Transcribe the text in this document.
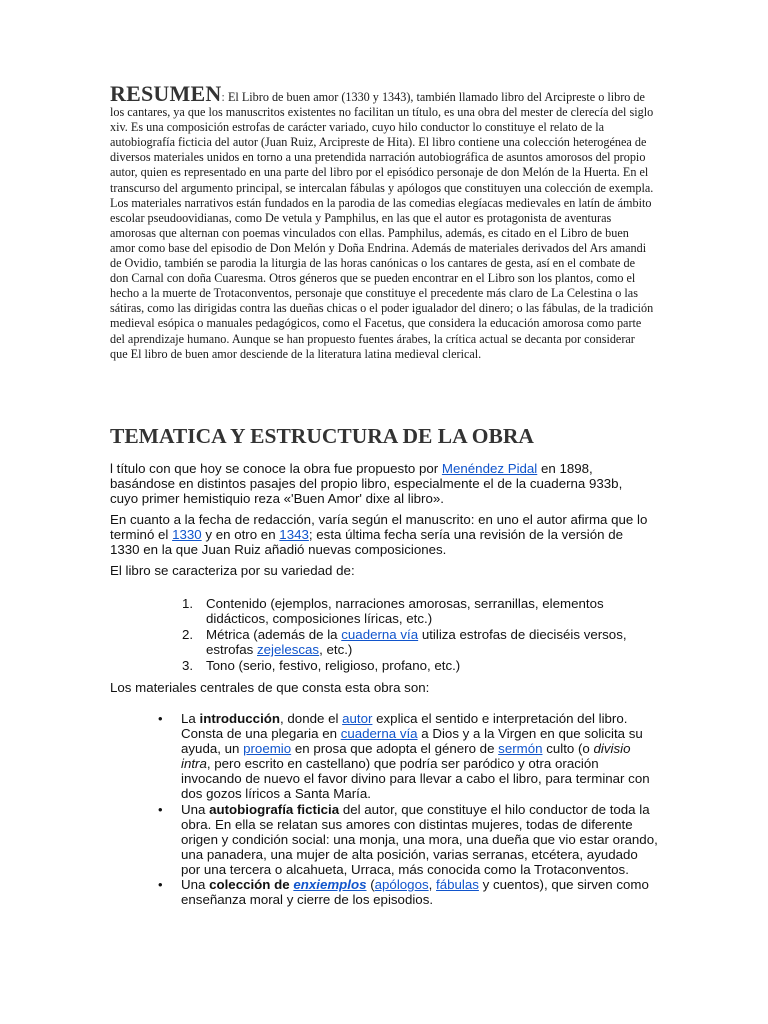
RESUMEN: El Libro de buen amor (1330 y 1343), también llamado libro del Arcipreste o libro de los cantares, ya que los manuscritos existentes no facilitan un título, es una obra del mester de clerecía del siglo xiv. Es una composición estrofas de carácter variado, cuyo hilo conductor lo constituye el relato de la autobiografía ficticia del autor (Juan Ruiz, Arcipreste de Hita). El libro contiene una colección heterogénea de diversos materiales unidos en torno a una pretendida narración autobiográfica de asuntos amorosos del propio autor, quien es representado en una parte del libro por el episódico personaje de don Melón de la Huerta. En el transcurso del argumento principal, se intercalan fábulas y apólogos que constituyen una colección de exempla. Los materiales narrativos están fundados en la parodia de las comedias elegíacas medievales en latín de ámbito escolar pseudoovidianas, como De vetula y Pamphilus, en las que el autor es protagonista de aventuras amorosas que alternan con poemas vinculados con ellas. Pamphilus, además, es citado en el Libro de buen amor como base del episodio de Don Melón y Doña Endrina. Además de materiales derivados del Ars amandi de Ovidio, también se parodia la liturgia de las horas canónicas o los cantares de gesta, así en el combate de don Carnal con doña Cuaresma. Otros géneros que se pueden encontrar en el Libro son los plantos, como el hecho a la muerte de Trotaconventos, personaje que constituye el precedente más claro de La Celestina o las sátiras, como las dirigidas contra las dueñas chicas o el poder igualador del dinero; o las fábulas, de la tradición medieval esópica o manuales pedagógicos, como el Facetus, que considera la educación amorosa como parte del aprendizaje humano. Aunque se han propuesto fuentes árabes, la crítica actual se decanta por considerar que El libro de buen amor desciende de la literatura latina medieval clerical.

TEMATICA Y ESTRUCTURA DE LA OBRA

l título con que hoy se conoce la obra fue propuesto por Menéndez Pidal en 1898, basándose en distintos pasajes del propio libro, especialmente el de la cuaderna 933b, cuyo primer hemistiquio reza «'Buen Amor' dixe al libro».

En cuanto a la fecha de redacción, varía según el manuscrito: en uno el autor afirma que lo terminó el 1330 y en otro en 1343; esta última fecha sería una revisión de la versión de 1330 en la que Juan Ruiz añadió nuevas composiciones.

El libro se caracteriza por su variedad de:

1. Contenido (ejemplos, narraciones amorosas, serranillas, elementos didácticos, composiciones líricas, etc.)
2. Métrica (además de la cuaderna vía utiliza estrofas de dieciséis versos, estrofas zejelescas, etc.)
3. Tono (serio, festivo, religioso, profano, etc.)

Los materiales centrales de que consta esta obra son:

• La introducción, donde el autor explica el sentido e interpretación del libro. Consta de una plegaria en cuaderna vía a Dios y a la Virgen en que solicita su ayuda, un proemio en prosa que adopta el género de sermón culto (o divisio intra, pero escrito en castellano) que podría ser paródico y otra oración invocando de nuevo el favor divino para llevar a cabo el libro, para terminar con dos gozos líricos a Santa María.
• Una autobiografía ficticia del autor, que constituye el hilo conductor de toda la obra. En ella se relatan sus amores con distintas mujeres, todas de diferente origen y condición social: una monja, una mora, una dueña que vio estar orando, una panadera, una mujer de alta posición, varias serranas, etcétera, ayudado por una tercera o alcahueta, Urraca, más conocida como la Trotaconventos.
• Una colección de enxiemplos (apólogos, fábulas y cuentos), que sirven como enseñanza moral y cierre de los episodios.
